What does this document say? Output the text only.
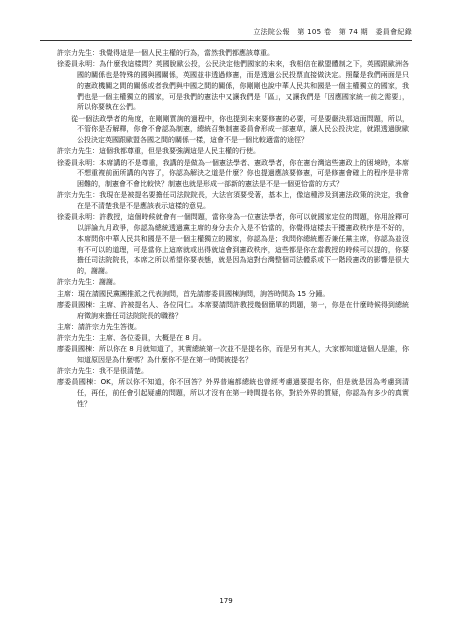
立法院公報 第 105 卷 第 74 期 委員會紀錄

許宗力先生：我覺得這是一個人民主權的行為，當然我們都應該尊重。

徐委員永明：為什麼我這樣問？英國脫歐公投，公民決定他們國家的未來，我相信在歐盟體制之下，英國跟歐洲各國的關係也是特殊的國與國關係，英國並非透過修憲，而是透過公民投票直接做決定。照釐是我們兩面是只的憲政機關之間的關係或者我們與中國之間的關係，你剛剛也說中華人民共和國是一個主權獨立的國家，我們也是一個主權獨立的國家，可是我們的憲法中又讓我們是「區」，又讓我們是「因應國家統一前之需要」，所以你要執在公們。

　　從一個法政學者的角度，在剛剛質詢的過程中，你也提到未來要修憲的必要，可是要嚴決那這面問題，所以，不管你是否解釋，你會不會認為制憲，總統召集制憲委員會形成一部憲草，讓人民公投決定，就跟透過脫歐公投決定英國跟歐盟各國之間的關係一樣，這會不是一個比較適當的途徑？

許宗力先生：這個我都尊重，但是我要強調這是人民主權的行使。

徐委員永明：本席講的不是尊重，我講的是做為一個憲法學者、憲政學者，你在憲台灣這些憲政上的困境時，本席不想重複前面所講的內容了，你認為解決之道是什麼？你也提過應該要修憲，可是修憲會確上的程序是非常困難的，制憲會不會比較快？制憲也就是形成一部新的憲法是不是一個更恰當的方式？

許宗力先生：我現在是被提名要擔任司法院院長，大法官須要受著，基本上，像這種涉及到憲法政策的決定，我會在是不清楚我是不是應該表示這樣的意見。

徐委員永明：許教授，這個時候就會有一個問題，當你身為一位憲法學者，你可以就國家定位的問題，你用詮釋可以評論九月政爭，你認為總統透過黨主席的身分去介入是不恰當的，你覺得這樣去干擾憲政秩序是不好的，本席問你中華人民共和國是不是一個主權獨立的國家，你認為是；我問你總統應否兼任黨主席，你認為並沒有不可以的道理，可是當你上這席就或出得就這會到憲政秩序，這些都是你在當教授的時候可以提的，你要擔任司法院院長，本席之所以希望你要表態，就是因為這對台灣整個司法體系或下一階段憲改的影響是很大的，謝謝。

許宗力先生：謝謝。

主席：現在請國民黨團推派之代表詢問，首先請廖委員國棟詢問，詢答時間為 15 分鐘。

廖委員國棟：主席、許被提名人、各位同仁。本席要請問許教授幾個簡單的問題，第一，你是在什麼時候得到總統府徵詢來擔任司法院院長的職務？

主席：請許宗力先生答復。

許宗力先生：主席、各位委員，大概是在 8 月。

廖委員國棟：所以你在 8 月就知道了，其實總統第一次並不是提名你，而是另有其人，大家都知道這個人是誰，你知道原因是為什麼嗎？為什麼你不是在第一時間被提名？

許宗力先生：我不是很清楚。

廖委員國棟：OK，所以你不知道，你不回答？外界普遍都總統也曾經考慮過要提名你，但是就是因為考慮到清任，再任，前任會引起疑慮的問題，所以才沒有在第一時間提名你，對於外界的質疑，你認為有多少的真實性？

179
